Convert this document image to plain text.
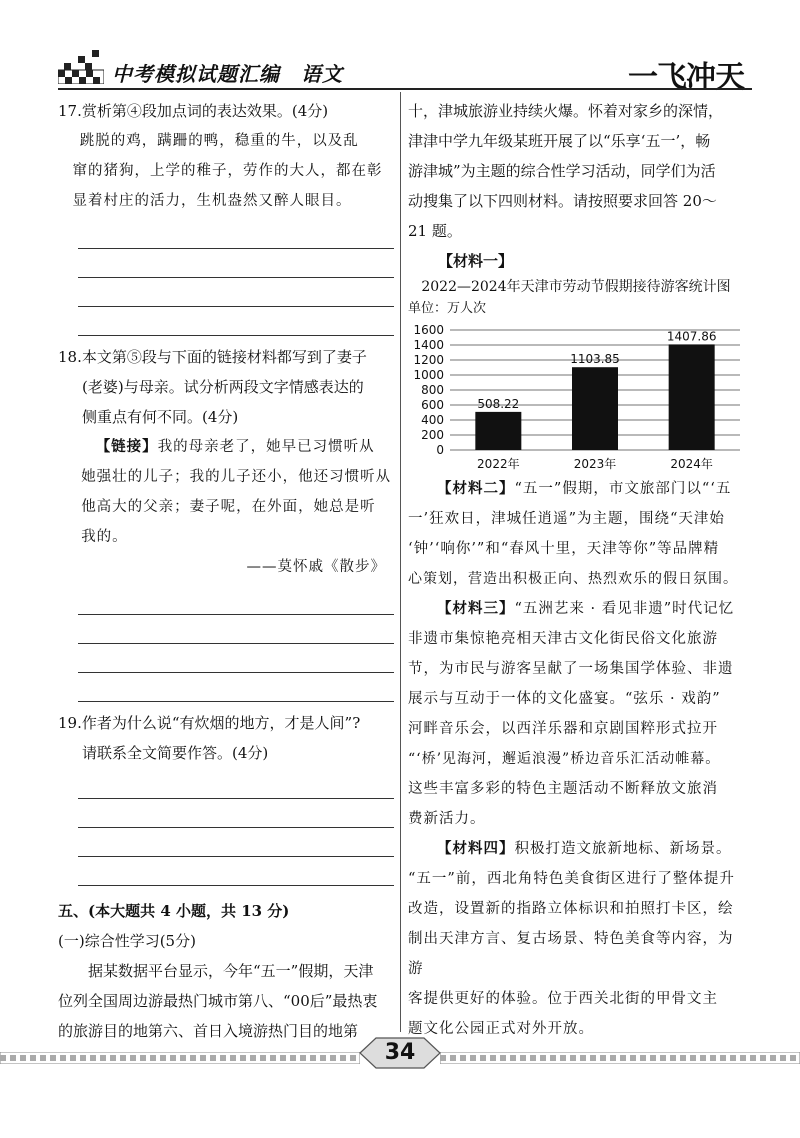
中考模拟试题汇编　语文	一飞冲天

17.赏析第④段加点词的表达效果。(4分)

跳脱的鸡，蹒跚的鸭，稳重的牛，以及乱

窜的猪狗，上学的稚子，劳作的大人，都在彰

显着村庄的活力，生机盎然又醉人眼目。

18.本文第⑤段与下面的链接材料都写到了妻子

(老婆)与母亲。试分析两段文字情感表达的

侧重点有何不同。(4分)

【链接】我的母亲老了，她早已习惯听从

她强壮的儿子；我的儿子还小，他还习惯听从

他高大的父亲；妻子呢，在外面，她总是听

我的。

——莫怀戚《散步》

19.作者为什么说“有炊烟的地方，才是人间”?

请联系全文简要作答。(4分)

五、(本大题共 4 小题，共 13 分)

(一)综合性学习(5分)

据某数据平台显示，今年“五一”假期，天津

位列全国周边游最热门城市第八、“00后”最热衷

的旅游目的地第六、首日入境游热门目的地第

十，津城旅游业持续火爆。怀着对家乡的深情，

津津中学九年级某班开展了以“乐享‘五一’，畅

游津城”为主题的综合性学习活动，同学们为活

动搜集了以下四则材料。请按照要求回答 20～

21 题。

【材料一】

2022—2024年天津市劳动节假期接待游客统计图

单位：万人次

0
200
400
600
800
1000
1200
1400
1600
508.22
2022年
1103.85
2023年
1407.86
2024年

【材料二】“五一”假期，市文旅部门以“‘五

一’狂欢日，津城任逍遥”为主题，围绕“天津始

‘钟’‘响你’”和“春风十里，天津等你”等品牌精

心策划，营造出积极正向、热烈欢乐的假日氛围。

【材料三】“五洲艺来 · 看见非遗”时代记忆

非遗市集惊艳亮相天津古文化街民俗文化旅游

节，为市民与游客呈献了一场集国学体验、非遗

展示与互动于一体的文化盛宴。“弦乐 · 戏韵”

河畔音乐会，以西洋乐器和京剧国粹形式拉开

“‘桥’见海河，邂逅浪漫”桥边音乐汇活动帷幕。

这些丰富多彩的特色主题活动不断释放文旅消

费新活力。

【材料四】积极打造文旅新地标、新场景。

“五一”前，西北角特色美食街区进行了整体提升

改造，设置新的指路立体标识和拍照打卡区，绘

制出天津方言、复古场景、特色美食等内容，为游

客提供更好的体验。位于西关北街的甲骨文主

题文化公园正式对外开放。

34
